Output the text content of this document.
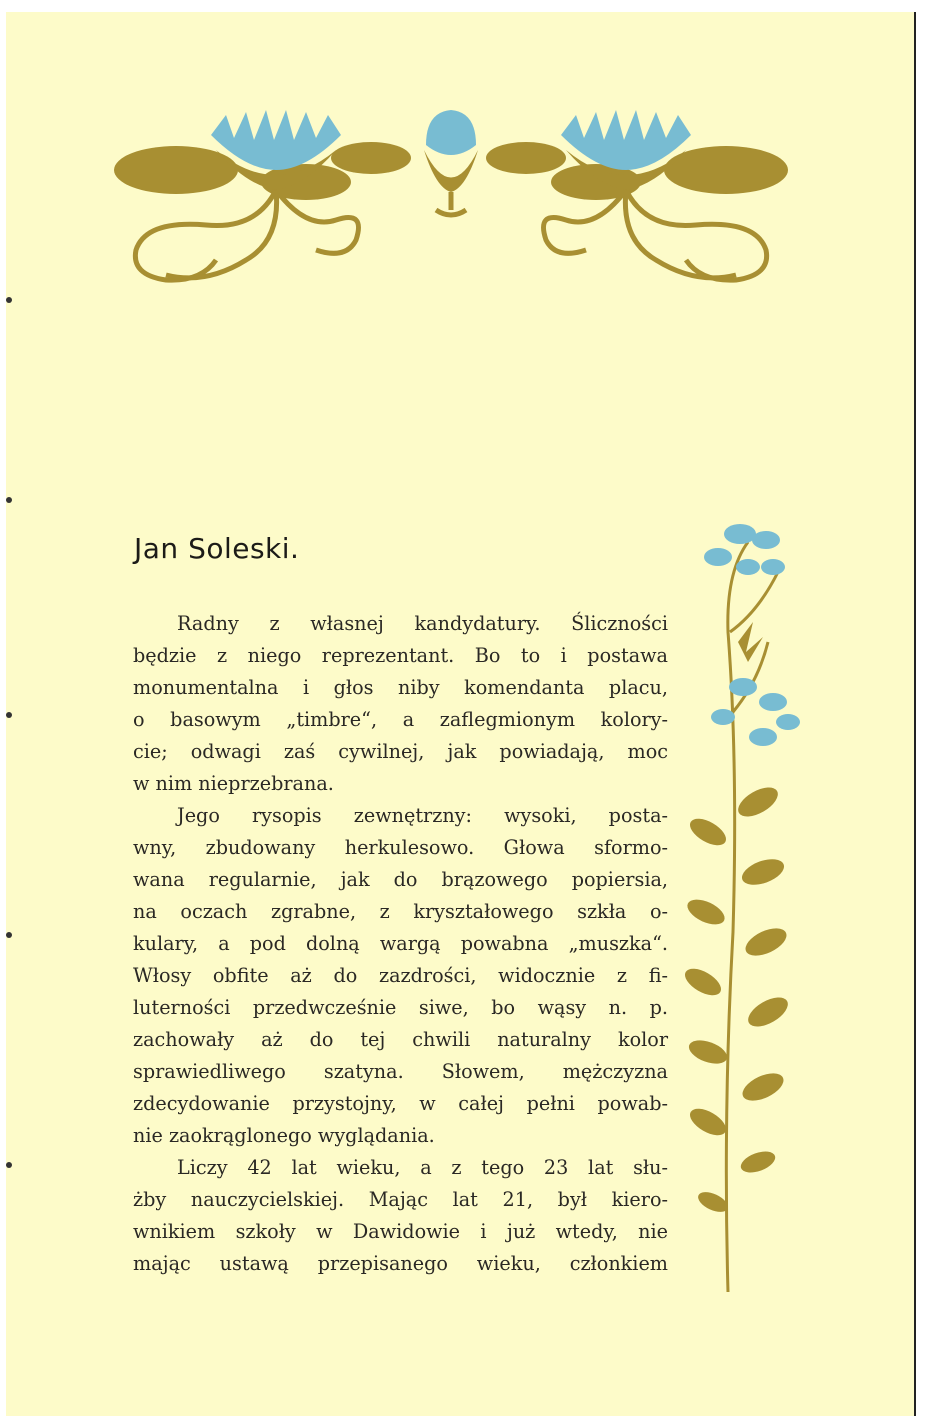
Jan Soleski.

Radny z własnej kandydatury. Śliczności
będzie z niego reprezentant. Bo to i postawa
monumentalna i głos niby komendanta placu,
o basowym „timbre“, a zaflegmionym kolory-
cie; odwagi zaś cywilnej, jak powiadają, moc
w nim nieprzebrana.

Jego rysopis zewnętrzny: wysoki, posta-
wny, zbudowany herkulesowo. Głowa sformo-
wana regularnie, jak do brązowego popiersia,
na oczach zgrabne, z kryształowego szkła o-
kulary, a pod dolną wargą powabna „muszka“.
Włosy obfite aż do zazdrości, widocznie z fi-
luterności przedwcześnie siwe, bo wąsy n. p.
zachowały aż do tej chwili naturalny kolor
sprawiedliwego szatyna. Słowem, mężczyzna
zdecydowanie przystojny, w całej pełni powab-
nie zaokrąglonego wyglądania.

Liczy 42 lat wieku, a z tego 23 lat słu-
żby nauczycielskiej. Mając lat 21, był kiero-
wnikiem szkoły w Dawidowie i już wtedy, nie
mając ustawą przepisanego wieku, członkiem
